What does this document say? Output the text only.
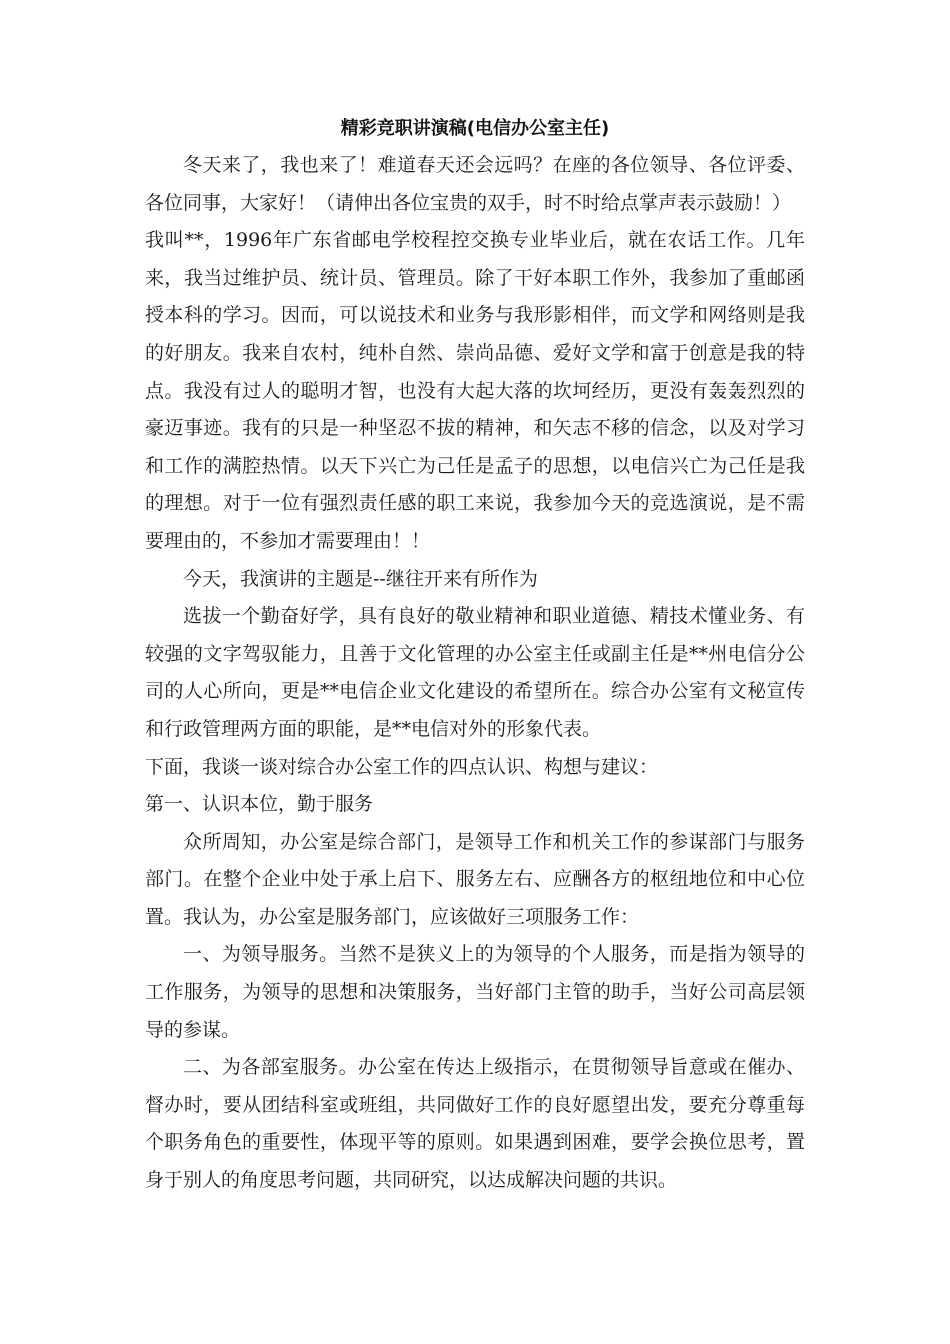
精彩竞职讲演稿(电信办公室主任)

冬天来了，我也来了！难道春天还会远吗？在座的各位领导、各位评委、各位同事，大家好！（请伸出各位宝贵的双手，时不时给点掌声表示鼓励！）

我叫**，1996年广东省邮电学校程控交换专业毕业后，就在农话工作。几年来，我当过维护员、统计员、管理员。除了干好本职工作外，我参加了重邮函授本科的学习。因而，可以说技术和业务与我形影相伴，而文学和网络则是我的好朋友。我来自农村，纯朴自然、崇尚品德、爱好文学和富于创意是我的特点。我没有过人的聪明才智，也没有大起大落的坎坷经历，更没有轰轰烈烈的豪迈事迹。我有的只是一种坚忍不拔的精神，和矢志不移的信念，以及对学习和工作的满腔热情。以天下兴亡为己任是孟子的思想，以电信兴亡为己任是我的理想。对于一位有强烈责任感的职工来说，我参加今天的竞选演说，是不需要理由的，不参加才需要理由！！

今天，我演讲的主题是--继往开来有所作为

选拔一个勤奋好学，具有良好的敬业精神和职业道德、精技术懂业务、有较强的文字驾驭能力，且善于文化管理的办公室主任或副主任是**州电信分公司的人心所向，更是**电信企业文化建设的希望所在。综合办公室有文秘宣传和行政管理两方面的职能，是**电信对外的形象代表。

下面，我谈一谈对综合办公室工作的四点认识、构想与建议：

第一、认识本位，勤于服务

众所周知，办公室是综合部门，是领导工作和机关工作的参谋部门与服务部门。在整个企业中处于承上启下、服务左右、应酬各方的枢纽地位和中心位置。我认为，办公室是服务部门，应该做好三项服务工作：

一、为领导服务。当然不是狭义上的为领导的个人服务，而是指为领导的工作服务，为领导的思想和决策服务，当好部门主管的助手，当好公司高层领导的参谋。

二、为各部室服务。办公室在传达上级指示，在贯彻领导旨意或在催办、督办时，要从团结科室或班组，共同做好工作的良好愿望出发，要充分尊重每个职务角色的重要性，体现平等的原则。如果遇到困难，要学会换位思考，置身于别人的角度思考问题，共同研究，以达成解决问题的共识。
